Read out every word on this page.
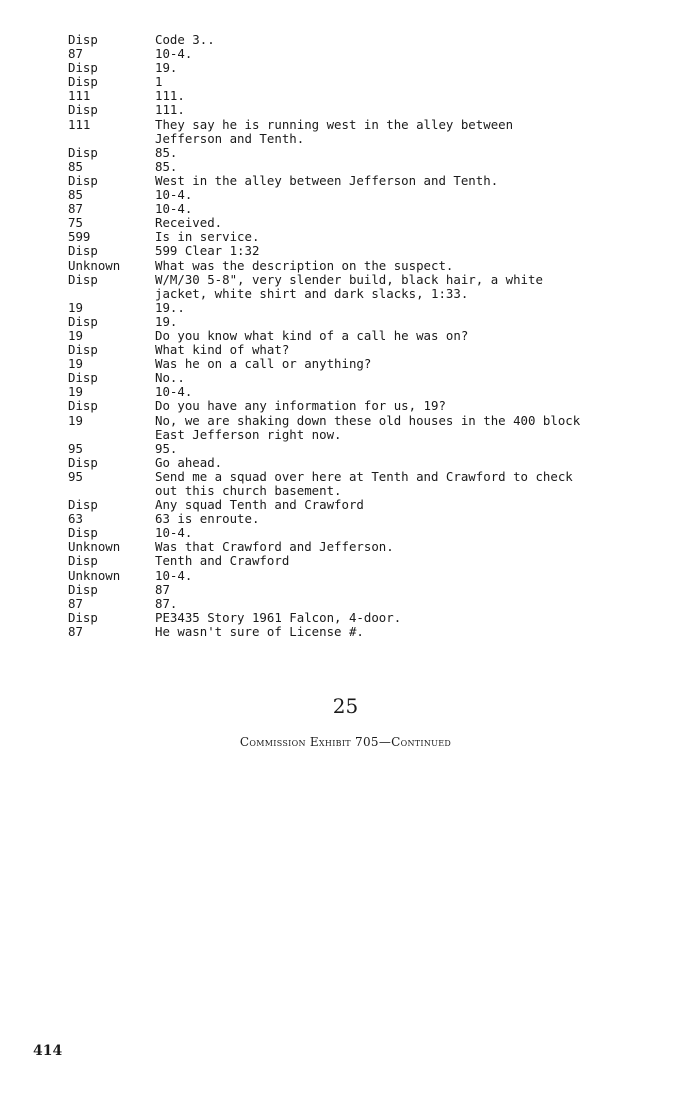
Disp	Code 3..
87	10-4.
Disp	19.
Disp	1
111	111.
Disp	111.
111	They say he is running west in the alley between
Jefferson and Tenth.
Disp	85.
85	85.
Disp	West in the alley between Jefferson and Tenth.
85	10-4.
87	10-4.
75	Received.
599	Is in service.
Disp	599 Clear 1:32
Unknown	What was the description on the suspect.
Disp	W/M/30 5-8", very slender build, black hair, a white
jacket, white shirt and dark slacks, 1:33.
19	19..
Disp	19.
19	Do you know what kind of a call he was on?
Disp	What kind of what?
19	Was he on a call or anything?
Disp	No..
19	10-4.
Disp	Do you have any information for us, 19?
19	No, we are shaking down these old houses in the 400 block
East Jefferson right now.
95	95.
Disp	Go ahead.
95	Send me a squad over here at Tenth and Crawford to check
out this church basement.
Disp	Any squad Tenth and Crawford
63	63 is enroute.
Disp	10-4.
Unknown	Was that Crawford and Jefferson.
Disp	Tenth and Crawford
Unknown	10-4.
Disp	87
87	87.
Disp	PE3435 Story 1961 Falcon, 4-door.
87	He wasn't sure of License #.
25
Commission Exhibit 705—Continued
414
